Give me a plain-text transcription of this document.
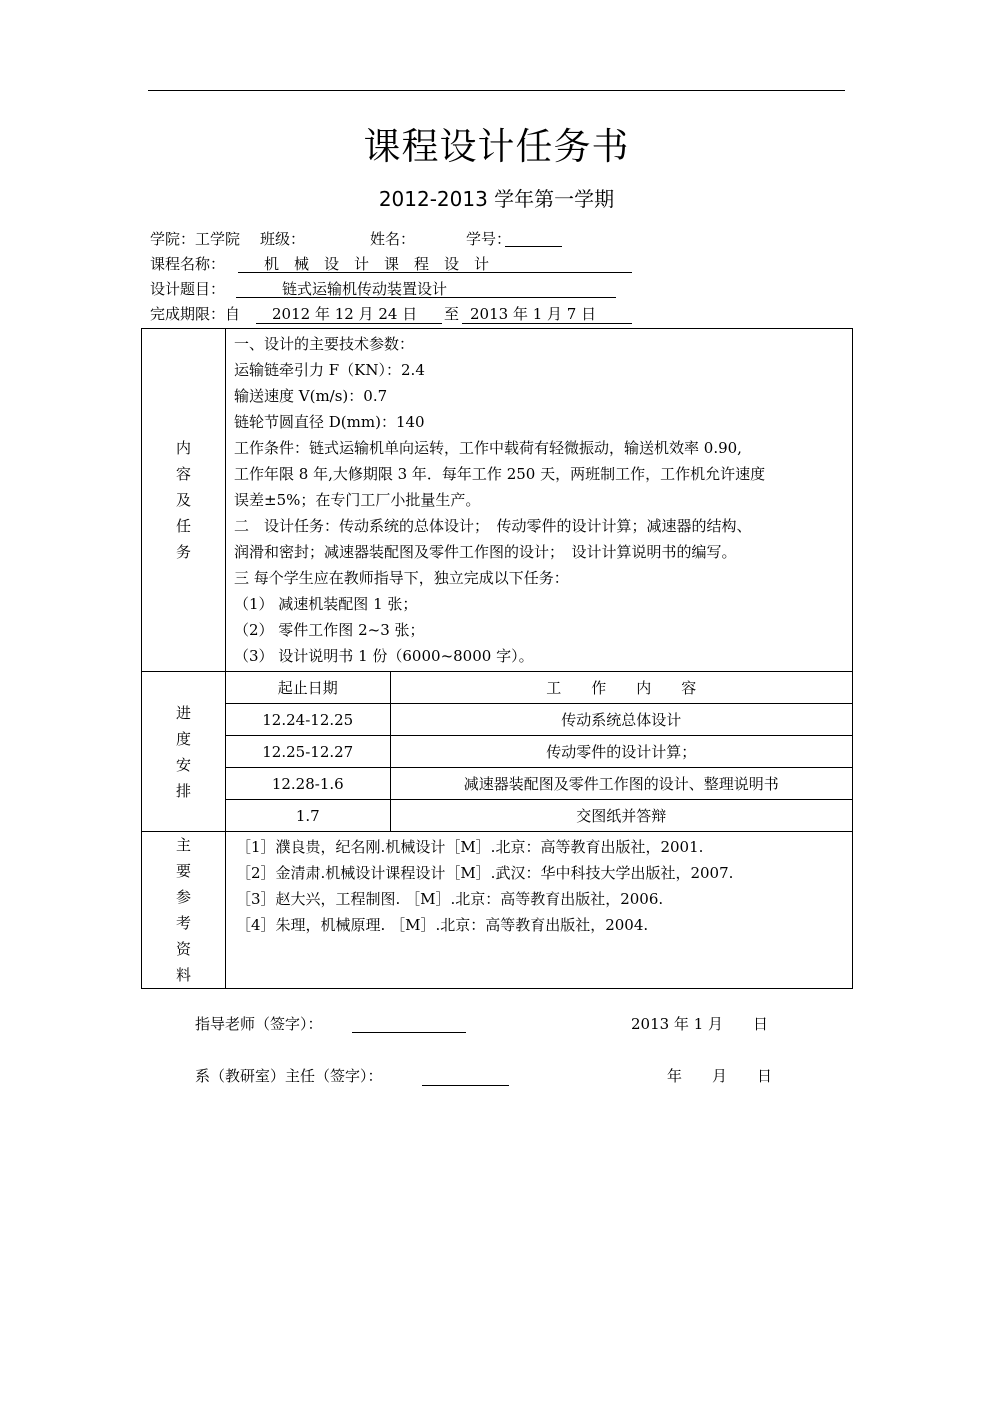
课程设计任务书
2012-2013 学年第一学期
学院：工学院 班级：	姓名：	学号：
课程名称：	机　械　设　计　课　程　设　计
设计题目：	链式运输机传动装置设计
完成期限：自 2012 年 12 月 24 日 至 2013 年 1 月 7 日
内
容
及
任
务

一、设计的主要技术参数：
运输链牵引力 F（KN）：2.4
输送速度 V(m/s)：0.7
链轮节圆直径 D(mm)：140
工作条件：链式运输机单向运转，工作中载荷有轻微振动，输送机效率 0.90,
工作年限 8 年,大修期限 3 年．每年工作 250 天，两班制工作，工作机允许速度
误差±5%；在专门工厂小批量生产。
二　设计任务：传动系统的总体设计；　传动零件的设计计算；减速器的结构、
润滑和密封；减速器装配图及零件工作图的设计；　设计计算说明书的编写。
三 每个学生应在教师指导下，独立完成以下任务：
（1） 减速机装配图 1 张；
（2） 零件工作图 2~3 张；
（3） 设计说明书 1 份（6000~8000 字）。

进
度
安
排

起止日期	工　　作　　内　　容
12.24-12.25	传动系统总体设计
12.25-12.27	传动零件的设计计算；
12.28-1.6	减速器装配图及零件工作图的设计、整理说明书
1.7	交图纸并答辩

主
要
参
考
资
料

［1］濮良贵，纪名刚.机械设计［M］.北京：高等教育出版社，2001.
［2］金清肃.机械设计课程设计［M］.武汉：华中科技大学出版社，2007.
［3］赵大兴，工程制图. ［M］.北京：高等教育出版社，2006.
［4］朱理，机械原理. ［M］.北京：高等教育出版社，2004.
指导老师（签字）：	2013 年 1 月　　日
系（教研室）主任（签字）：	年　　月　　日
